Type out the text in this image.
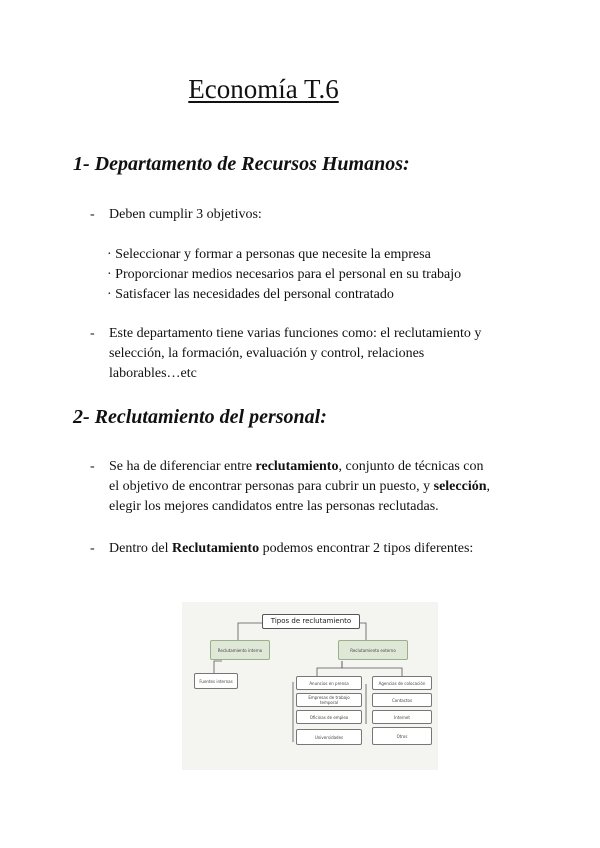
Economía T.6
1- Departamento de Recursos Humanos:
- Deben cumplir 3 objetivos:
· Seleccionar y formar a personas que necesite la empresa
· Proporcionar medios necesarios para el personal en su trabajo
· Satisfacer las necesidades del personal contratado
- Este departamento tiene varias funciones como: el reclutamiento y
selección, la formación, evaluación y control, relaciones
laborables…etc
2- Reclutamiento del personal:
- Se ha de diferenciar entre reclutamiento, conjunto de técnicas con
el objetivo de encontrar personas para cubrir un puesto, y selección,
elegir los mejores candidatos entre las personas reclutadas.
- Dentro del Reclutamiento podemos encontrar 2 tipos diferentes:
Tipos de reclutamiento
Reclutamiento interno
Fuentes internas
Reclutamiento externo
Anuncios en prensa
Empresas de trabajo temporal
Oficinas de empleo
Universidades
Agencias de colocación
Contactos
Internet
Otros
